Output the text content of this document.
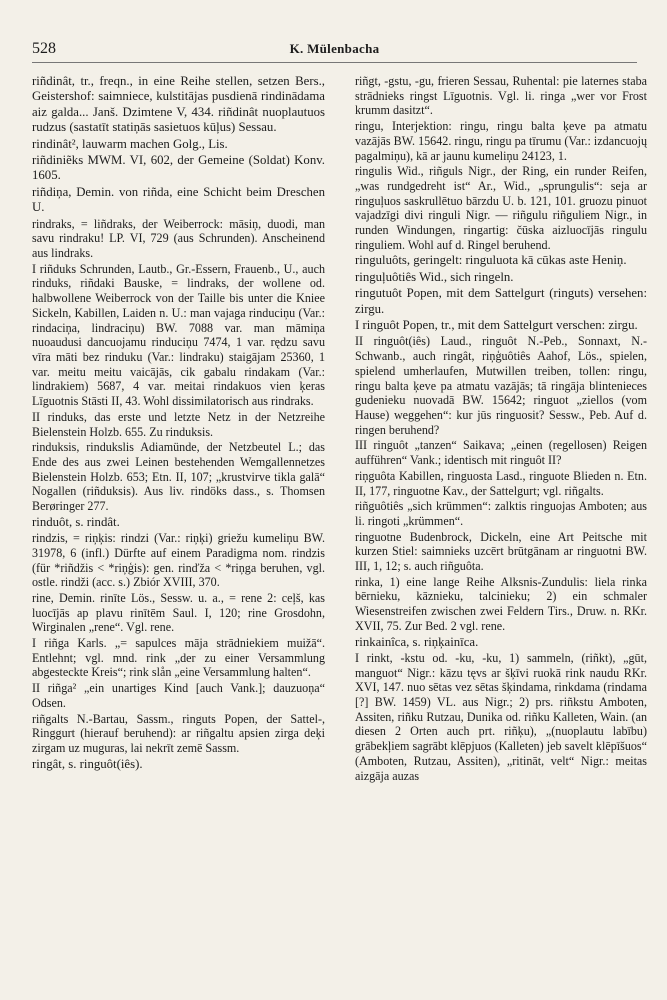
528	K. Mülenbacha

riñdinât, tr., freqn., in eine Reihe stellen, setzen Bers., Geistershof: saimniece, kulstitājas pusdienā rindinādama aiz galda... Janš. Dzimtene V, 434. riñdinât nuoplautuos rudzus (sastatīt statiņās sasietuos kūļus) Sessau.

rindinât², lauwarm machen Golg., Lis.

riñdiniẽks MWM. VI, 602, der Gemeine (Soldat) Konv. 1605.

riñdiņa, Demin. von riñda, eine Schicht beim Dreschen U.

rindraks, = liñdraks, der Weiberrock: māsiņ, duodi, man savu rindraku! LP. VI, 729 (aus Schrunden). Anscheinend aus lindraks.

I riñduks Schrunden, Lautb., Gr.-Essern, Frauenb., U., auch rinduks, riñdaki Bauske, = lindraks, der wollene od. halbwollene Weiberrock von der Taille bis unter die Kniee Sickeln, Kabillen, Laiden n. U.: man vajaga rinduciņu (Var.: rindaciņa, lindraciņu) BW. 7088 var. man māmiņa nuoaudusi dancuojamu rinduciņu 7474, 1 var. rędzu savu vīra māti bez rinduku (Var.: lindraku) staigājam 25360, 1 var. meitu meitu vaicājās, cik gabalu rindakam (Var.: lindrakiem) 5687, 4 var. meitai rindakuos vien ķeras Līguotnis Stāsti II, 43. Wohl dissimilatorisch aus rindraks.

II rinduks, das erste und letzte Netz in der Netzreihe Bielenstein Holzb. 655. Zu rinduksis.

rinduksis, rindukslis Adiamünde, der Netzbeutel L.; das Ende des aus zwei Leinen bestehenden Wemgallennetzes Bielenstein Holzb. 653; Etn. II, 107; „krustvirve tikla galā“ Nogallen (riñduksis). Aus liv. rindöks dass., s. Thomsen Berøringer 277.

rinduôt, s. rindât.

rindzis, = riņķis: rindzi (Var.: riņķi) griežu kumeliņu BW. 31978, 6 (infl.) Dürfte auf einem Paradigma nom. rindzis (für *riñdžis < *riņģis): gen. rinďža < *riņga beruhen, vgl. ostle. rindži (acc. s.) Zbiór XVIII, 370.

rine, Demin. rinīte Lös., Sessw. u. a., = rene 2: ceļš, kas luocījās ap plavu rinītēm Saul. I, 120; rine Grosdohn, Wirginalen „rene“. Vgl. rene.

I riñga Karls. „= sapulces māja strādniekiem muižā“. Entlehnt; vgl. mnd. rink „der zu einer Versammlung abgesteckte Kreis“; rink slån „eine Versammlung halten“.

II riñga² „ein unartiges Kind [auch Vank.]; dauzuoņa“ Odsen.

riñgalts N.-Bartau, Sassm., ringuts Popen, der Sattel-, Ringgurt (hierauf beruhend): ar riñgaltu apsien zirga deķi zirgam uz muguras, lai nekrīt zemē Sassm.

ringât, s. ringuôt(iês).

riñgt, -gstu, -gu, frieren Sessau, Ruhental: pie laternes staba strādnieks ringst Līguotnis. Vgl. li. ringa „wer vor Frost krumm dasitzt“.

ringu, Interjektion: ringu, ringu balta ķeve pa atmatu vazājās BW. 15642. ringu, ringu pa tīrumu (Var.: izdancuojų pagalmiņu), kā ar jaunu kumeliņu 24123, 1.

ringulis Wid., riñguls Nigr., der Ring, ein runder Reifen, „was rundgedreht ist“ Ar., Wid., „sprungulis“: seja ar ringuļuos saskrullētuo bārzdu U. b. 121, 101. gruozu pinuot vajadzīgi divi ringuli Nigr. — riñgulu riñguliem Nigr., in runden Windungen, ringartig: čūska aizluocījās ringulu ringuliem. Wohl auf d. Ringel beruhend.

ringuluôts, geringelt: ringuluota kā cūkas aste Heniņ.

ringuļuôtiês Wid., sich ringeln.

ringutuôt Popen, mit dem Sattelgurt (ringuts) versehen: zirgu.

I ringuôt Popen, tr., mit dem Sattelgurt verschen: zirgu.

II ringuôt(iês) Laud., ringuôt N.-Peb., Sonnaxt, N.-Schwanb., auch ringât, riņģuôtiês Aahof, Lös., spielen, spielend umherlaufen, Mutwillen treiben, tollen: ringu, ringu balta ķeve pa atmatu vazājās; tā ringāja blintenieces gudenieku nuovadā BW. 15642; ringuot „ziellos (vom Hause) weggehen“: kur jūs ringuosit? Sessw., Peb. Auf d. ringen beruhend?

III ringuôt „tanzen“ Saikava; „einen (regellosen) Reigen aufführen“ Vank.; identisch mit ringuôt II?

riņguôta Kabillen, ringuosta Lasd., ringuote Blieden n. Etn. II, 177, ringuotne Kav., der Sattelgurt; vgl. riñgalts.

riñguôtiês „sich krümmen“: zalktis ringuojas Amboten; aus li. ringoti „krümmen“.

ringuotne Budenbrock, Dickeln, eine Art Peitsche mit kurzen Stiel: saimnieks uzcērt brūtgānam ar ringuotni BW. III, 1, 12; s. auch riñguôta.

rinka, 1) eine lange Reihe Alksnis-Zundulis: liela rinka bērnieku, kāznieku, talcinieku; 2) ein schmaler Wiesenstreifen zwischen zwei Feldern Tirs., Druw. n. RKr. XVII, 75. Zur Bed. 2 vgl. rene.

rinkainîca, s. riņķainīca.

I rinkt, -kstu od. -ku, -ku, 1) sammeln, (riñkt), „gūt, manguot“ Nigr.: kāzu tęvs ar šķīvi ruokā rink naudu RKr. XVI, 147. nuo sētas vez sētas šķindama, rinkdama (rindama [?] BW. 1459) VL. aus Nigr.; 2) prs. riñkstu Amboten, Assiten, riñku Rutzau, Dunika od. riñku Kalleten, Wain. (an diesen 2 Orten auch prt. riñķu), „(nuoplautu labību) grābekļiem sagrābt klēpjuos (Kalleten) jeb savelt klēpīšuos“ (Amboten, Rutzau, Assiten), „ritināt, velt“ Nigr.: meitas aizgāja auzas
